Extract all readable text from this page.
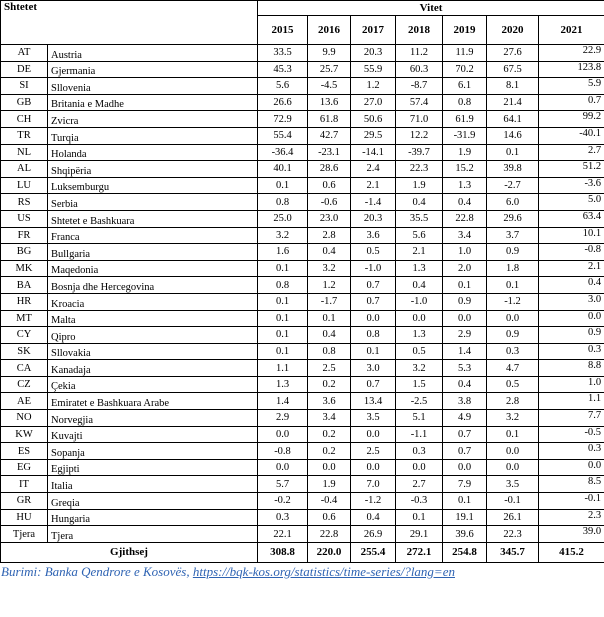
Shtetet		Vitet						
		2015	2016	2017	2018	2019	2020	2021
AT	Austria	33.5	9.9	20.3	11.2	11.9	27.6	22.9
DE	Gjermania	45.3	25.7	55.9	60.3	70.2	67.5	123.8
SI	Sllovenia	5.6	-4.5	1.2	-8.7	6.1	8.1	5.9
GB	Britania e Madhe	26.6	13.6	27.0	57.4	0.8	21.4	0.7
CH	Zvicra	72.9	61.8	50.6	71.0	61.9	64.1	99.2
TR	Turqia	55.4	42.7	29.5	12.2	-31.9	14.6	-40.1
NL	Holanda	-36.4	-23.1	-14.1	-39.7	1.9	0.1	2.7
AL	Shqipëria	40.1	28.6	2.4	22.3	15.2	39.8	51.2
LU	Luksemburgu	0.1	0.6	2.1	1.9	1.3	-2.7	-3.6
RS	Serbia	0.8	-0.6	-1.4	0.4	0.4	6.0	5.0
US	Shtetet e Bashkuara	25.0	23.0	20.3	35.5	22.8	29.6	63.4
FR	Franca	3.2	2.8	3.6	5.6	3.4	3.7	10.1
BG	Bullgaria	1.6	0.4	0.5	2.1	1.0	0.9	-0.8
MK	Maqedonia	0.1	3.2	-1.0	1.3	2.0	1.8	2.1
BA	Bosnja dhe Hercegovina	0.8	1.2	0.7	0.4	0.1	0.1	0.4
HR	Kroacia	0.1	-1.7	0.7	-1.0	0.9	-1.2	3.0
MT	Malta	0.1	0.1	0.0	0.0	0.0	0.0	0.0
CY	Qipro	0.1	0.4	0.8	1.3	2.9	0.9	0.9
SK	Sllovakia	0.1	0.8	0.1	0.5	1.4	0.3	0.3
CA	Kanadaja	1.1	2.5	3.0	3.2	5.3	4.7	8.8
CZ	Çekia	1.3	0.2	0.7	1.5	0.4	0.5	1.0
AE	Emiratet e Bashkuara Arabe	1.4	3.6	13.4	-2.5	3.8	2.8	1.1
NO	Norvegjia	2.9	3.4	3.5	5.1	4.9	3.2	7.7
KW	Kuvajti	0.0	0.2	0.0	-1.1	0.7	0.1	-0.5
ES	Sopanja	-0.8	0.2	2.5	0.3	0.7	0.0	0.3
EG	Egjipti	0.0	0.0	0.0	0.0	0.0	0.0	0.0
IT	Italia	5.7	1.9	7.0	2.7	7.9	3.5	8.5
GR	Greqia	-0.2	-0.4	-1.2	-0.3	0.1	-0.1	-0.1
HU	Hungaria	0.3	0.6	0.4	0.1	19.1	26.1	2.3
Tjera	Tjera	22.1	22.8	26.9	29.1	39.6	22.3	39.0
Gjithsej		308.8	220.0	255.4	272.1	254.8	345.7	415.2
Burimi: Banka Qendrore e Kosovës, https://bqk-kos.org/statistics/time-series/?lang=en
